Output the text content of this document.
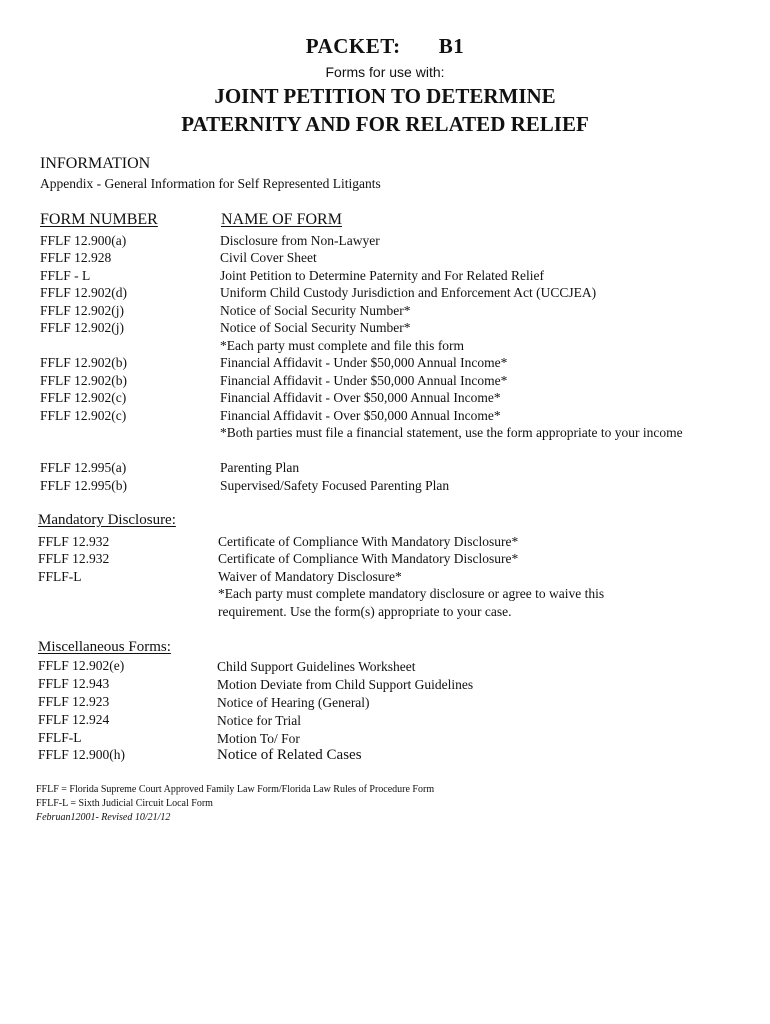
PACKET: B1
Forms for use with:
JOINT PETITION TO DETERMINE
PATERNITY AND FOR RELATED RELIEF
INFORMATION
Appendix - General Information for Self Represented Litigants
FORM NUMBER	NAME OF FORM
FFLF 12.900(a)	Disclosure from Non-Lawyer
FFLF 12.928	Civil Cover Sheet
FFLF - L	Joint Petition to Determine Paternity and For Related Relief
FFLF 12.902(d)	Uniform Child Custody Jurisdiction and Enforcement Act (UCCJEA)
FFLF 12.902(j)	Notice of Social Security Number*
FFLF 12.902(j)	Notice of Social Security Number*
*Each party must complete and file this form
FFLF 12.902(b)	Financial Affidavit - Under $50,000 Annual Income*
FFLF 12.902(b)	Financial Affidavit - Under $50,000 Annual Income*
FFLF 12.902(c)	Financial Affidavit - Over $50,000 Annual Income*
FFLF 12.902(c)	Financial Affidavit - Over $50,000 Annual Income*
*Both parties must file a financial statement, use the form appropriate to your income
FFLF 12.995(a)	Parenting Plan
FFLF 12.995(b)	Supervised/Safety Focused Parenting Plan
Mandatory Disclosure:
FFLF 12.932	Certificate of Compliance With Mandatory Disclosure*
FFLF 12.932	Certificate of Compliance With Mandatory Disclosure*
FFLF-L	Waiver of Mandatory Disclosure*
*Each party must complete mandatory disclosure or agree to waive this
requirement. Use the form(s) appropriate to your case.
Miscellaneous Forms:
FFLF 12.902(e)	Child Support Guidelines Worksheet
FFLF 12.943	Motion Deviate from Child Support Guidelines
FFLF 12.923	Notice of Hearing (General)
FFLF 12.924	Notice for Trial
FFLF-L	Motion To/ For
FFLF 12.900(h)	Notice of Related Cases
FFLF = Florida Supreme Court Approved Family Law Form/Florida Law Rules of Procedure Form
FFLF-L = Sixth Judicial Circuit Local Form
Februan12001- Revised 10/21/12
